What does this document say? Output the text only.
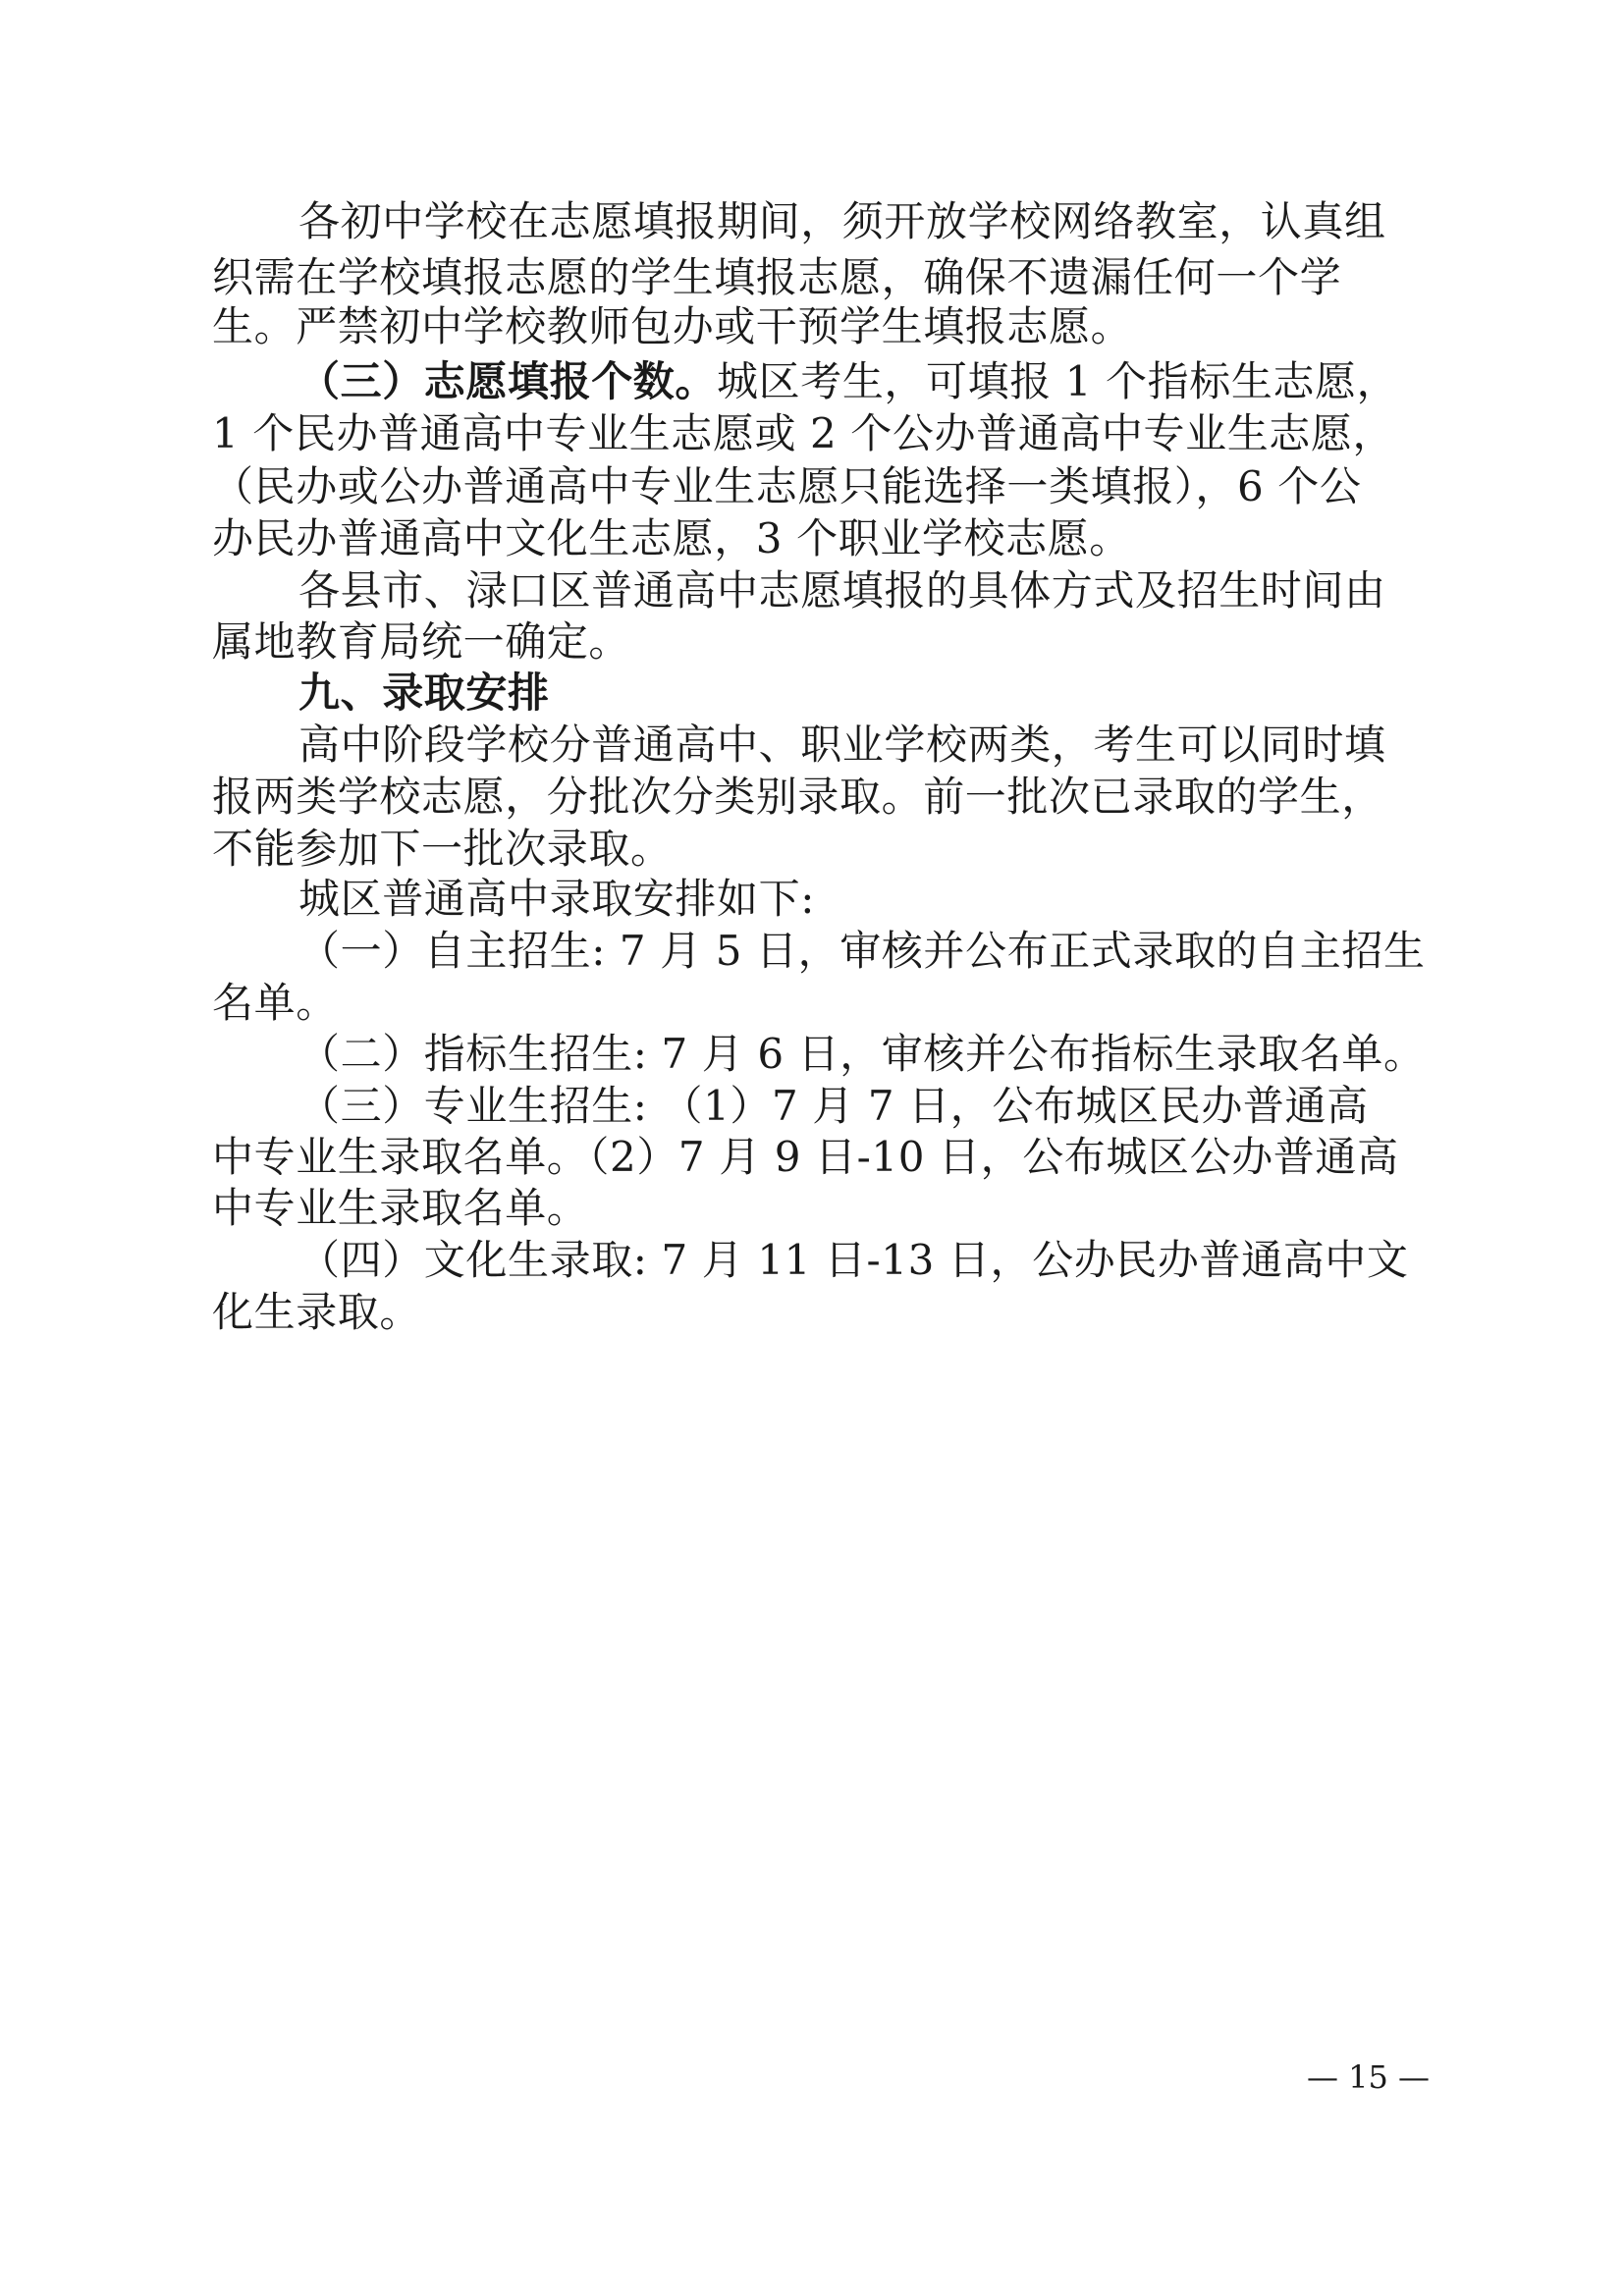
各初中学校在志愿填报期间，须开放学校网络教室，认真组
织需在学校填报志愿的学生填报志愿，确保不遗漏任何一个学
生。严禁初中学校教师包办或干预学生填报志愿。
（三）志愿填报个数。城区考生，可填报 1 个指标生志愿，
1 个民办普通高中专业生志愿或 2 个公办普通高中专业生志愿，
（民办或公办普通高中专业生志愿只能选择一类填报），6 个公
办民办普通高中文化生志愿，3 个职业学校志愿。
各县市、渌口区普通高中志愿填报的具体方式及招生时间由
属地教育局统一确定。
九、录取安排
高中阶段学校分普通高中、职业学校两类，考生可以同时填
报两类学校志愿，分批次分类别录取。前一批次已录取的学生，
不能参加下一批次录取。
城区普通高中录取安排如下:
（一）自主招生: 7 月 5 日，审核并公布正式录取的自主招生
名单。
（二）指标生招生: 7 月 6 日，审核并公布指标生录取名单。
（三）专业生招生: （1）7 月 7 日，公布城区民办普通高
中专业生录取名单。（2）7 月 9 日-10 日，公布城区公办普通高
中专业生录取名单。
（四）文化生录取: 7 月 11 日-13 日，公办民办普通高中文
化生录取。
— 15 —
